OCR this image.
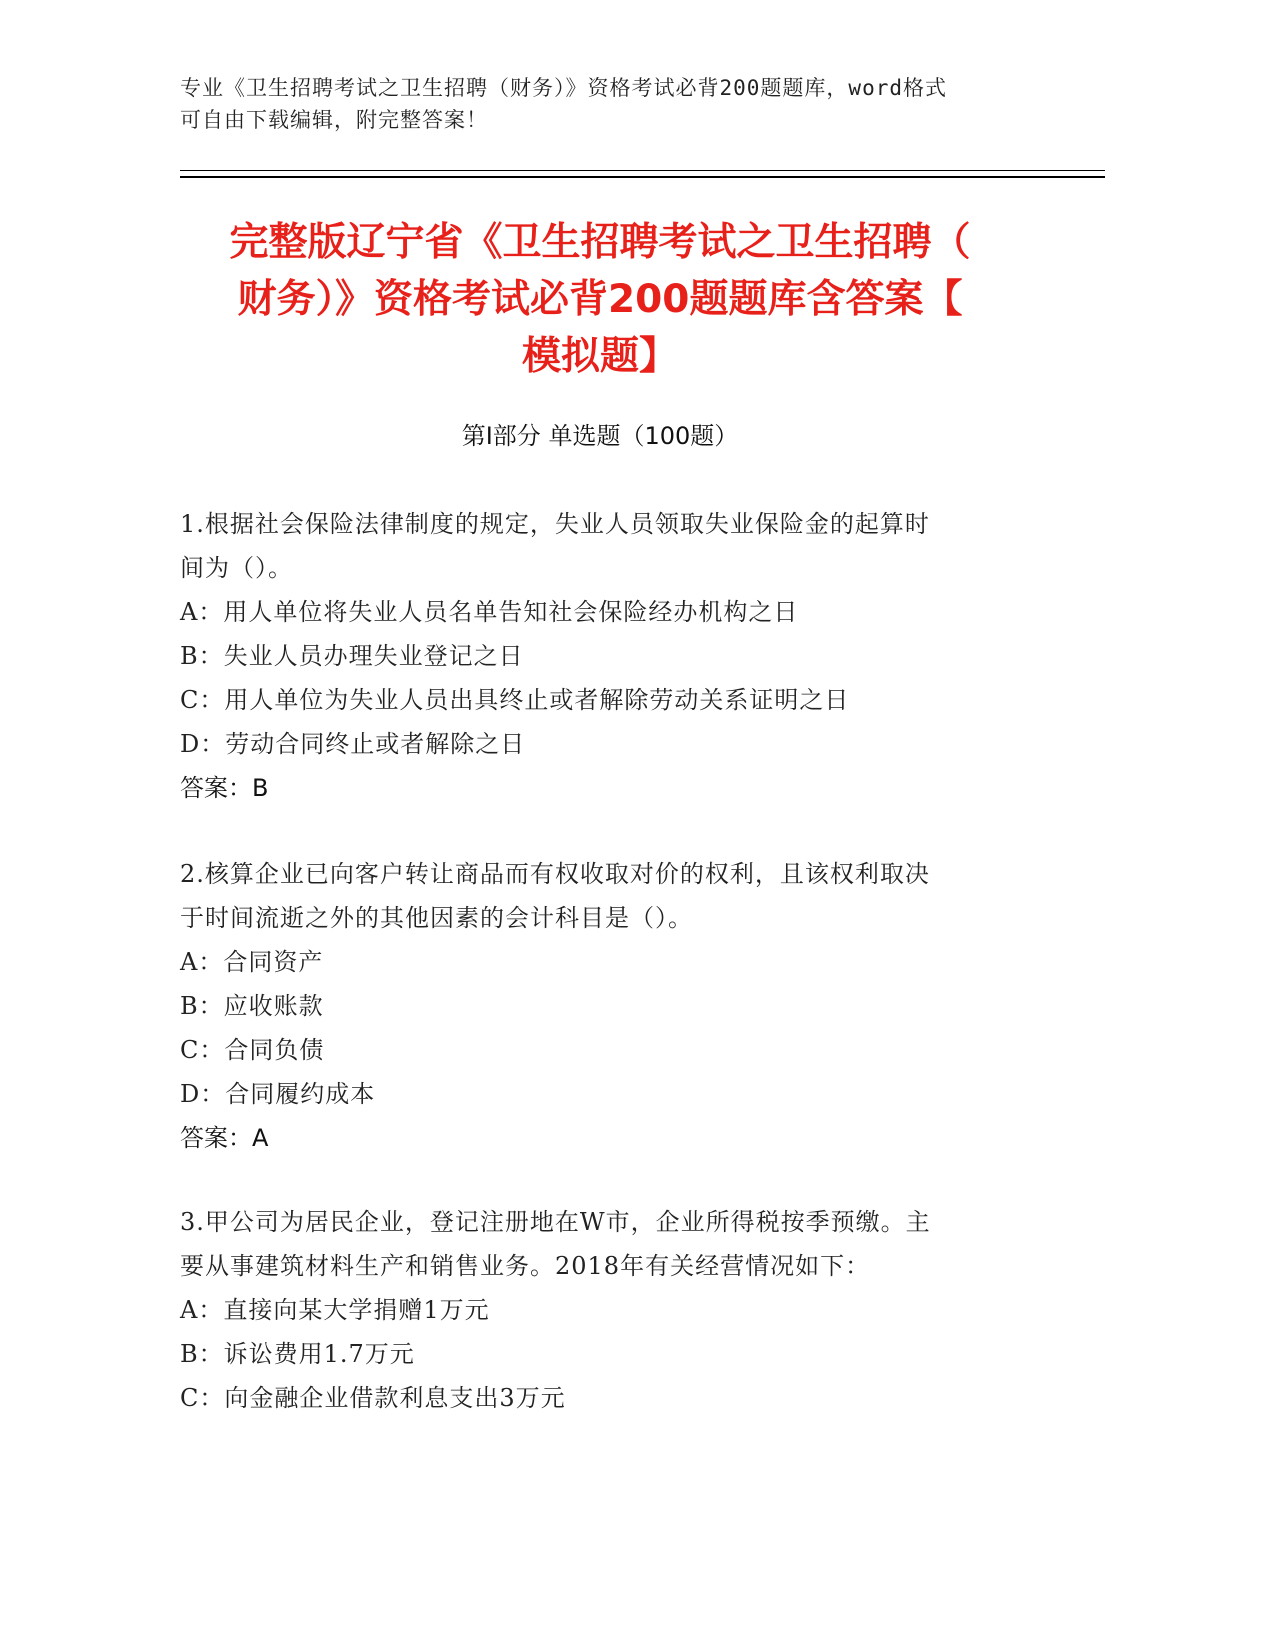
专业《卫生招聘考试之卫生招聘（财务）》资格考试必背200题题库，word格式
可自由下载编辑，附完整答案！
完整版辽宁省《卫生招聘考试之卫生招聘（
财务）》资格考试必背200题题库含答案【
模拟题】
第Ⅰ部分 单选题（100题）
1.根据社会保险法律制度的规定，失业人员领取失业保险金的起算时
间为（）。
A：用人单位将失业人员名单告知社会保险经办机构之日
B：失业人员办理失业登记之日
C：用人单位为失业人员出具终止或者解除劳动关系证明之日
D：劳动合同终止或者解除之日
答案：B
2.核算企业已向客户转让商品而有权收取对价的权利，且该权利取决
于时间流逝之外的其他因素的会计科目是（）。
A：合同资产
B：应收账款
C：合同负债
D：合同履约成本
答案：A
3.甲公司为居民企业，登记注册地在W市，企业所得税按季预缴。主
要从事建筑材料生产和销售业务。2018年有关经营情况如下：
A：直接向某大学捐赠1万元
B：诉讼费用1.7万元
C：向金融企业借款利息支出3万元
